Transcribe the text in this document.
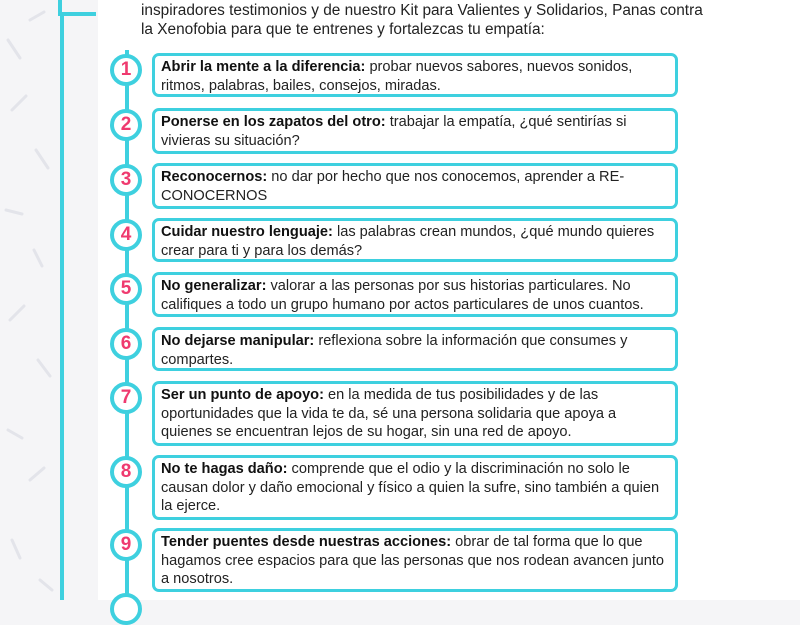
inspiradores testimonios y de nuestro Kit para Valientes y Solidarios, Panas contra
la Xenofobia para que te entrenes y fortalezcas tu empatía:

1	Abrir la mente a la diferencia: probar nuevos sabores, nuevos sonidos, ritmos, palabras, bailes, consejos, miradas.
2	Ponerse en los zapatos del otro: trabajar la empatía, ¿qué sentirías si vivieras su situación?
3	Reconocernos: no dar por hecho que nos conocemos, aprender a RE-CONOCERNOS
4	Cuidar nuestro lenguaje: las palabras crean mundos, ¿qué mundo quieres crear para ti y para los demás?
5	No generalizar: valorar a las personas por sus historias particulares. No califiques a todo un grupo humano por actos particulares de unos cuantos.
6	No dejarse manipular: reflexiona sobre la información que consumes y compartes.
7	Ser un punto de apoyo: en la medida de tus posibilidades y de las oportunidades que la vida te da, sé una persona solidaria que apoya a quienes se encuentran lejos de su hogar, sin una red de apoyo.
8	No te hagas daño: comprende que el odio y la discriminación no solo le causan dolor y daño emocional y físico a quien la sufre, sino también a quien la ejerce.
9	Tender puentes desde nuestras acciones: obrar de tal forma que lo que hagamos cree espacios para que las personas que nos rodean avancen junto a nosotros.
